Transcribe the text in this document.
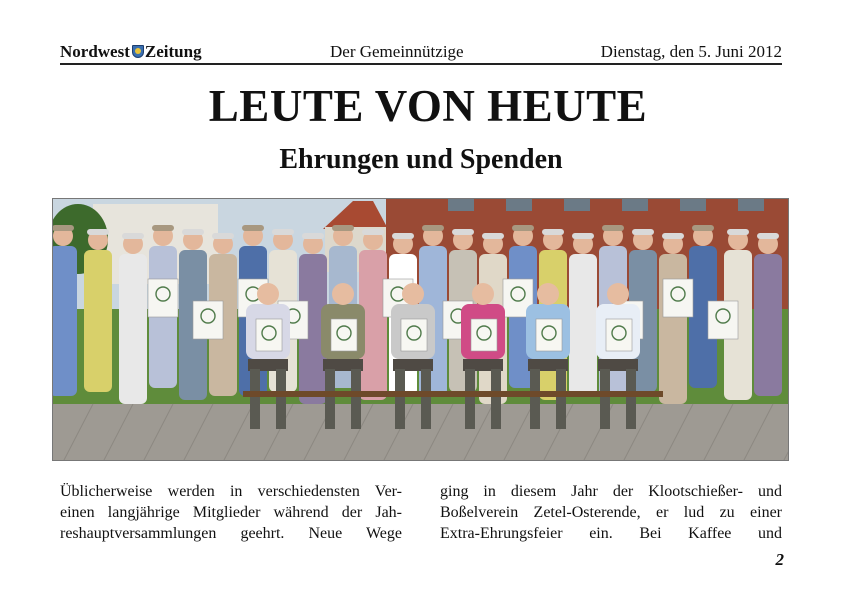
Nordwest Zeitung	Der Gemeinnützige	Dienstag, den 5. Juni 2012
LEUTE VON HEUTE
Ehrungen und Spenden

Üblicherweise werden in verschiedensten Ver-

einen langjährige Mitglieder während der Jah-

reshauptversammlungen geehrt. Neue Wege

ging in diesem Jahr der Klootschießer- und

Boßelverein Zetel-Osterende, er lud zu einer

Extra-Ehrungsfeier ein. Bei Kaffee und

2
